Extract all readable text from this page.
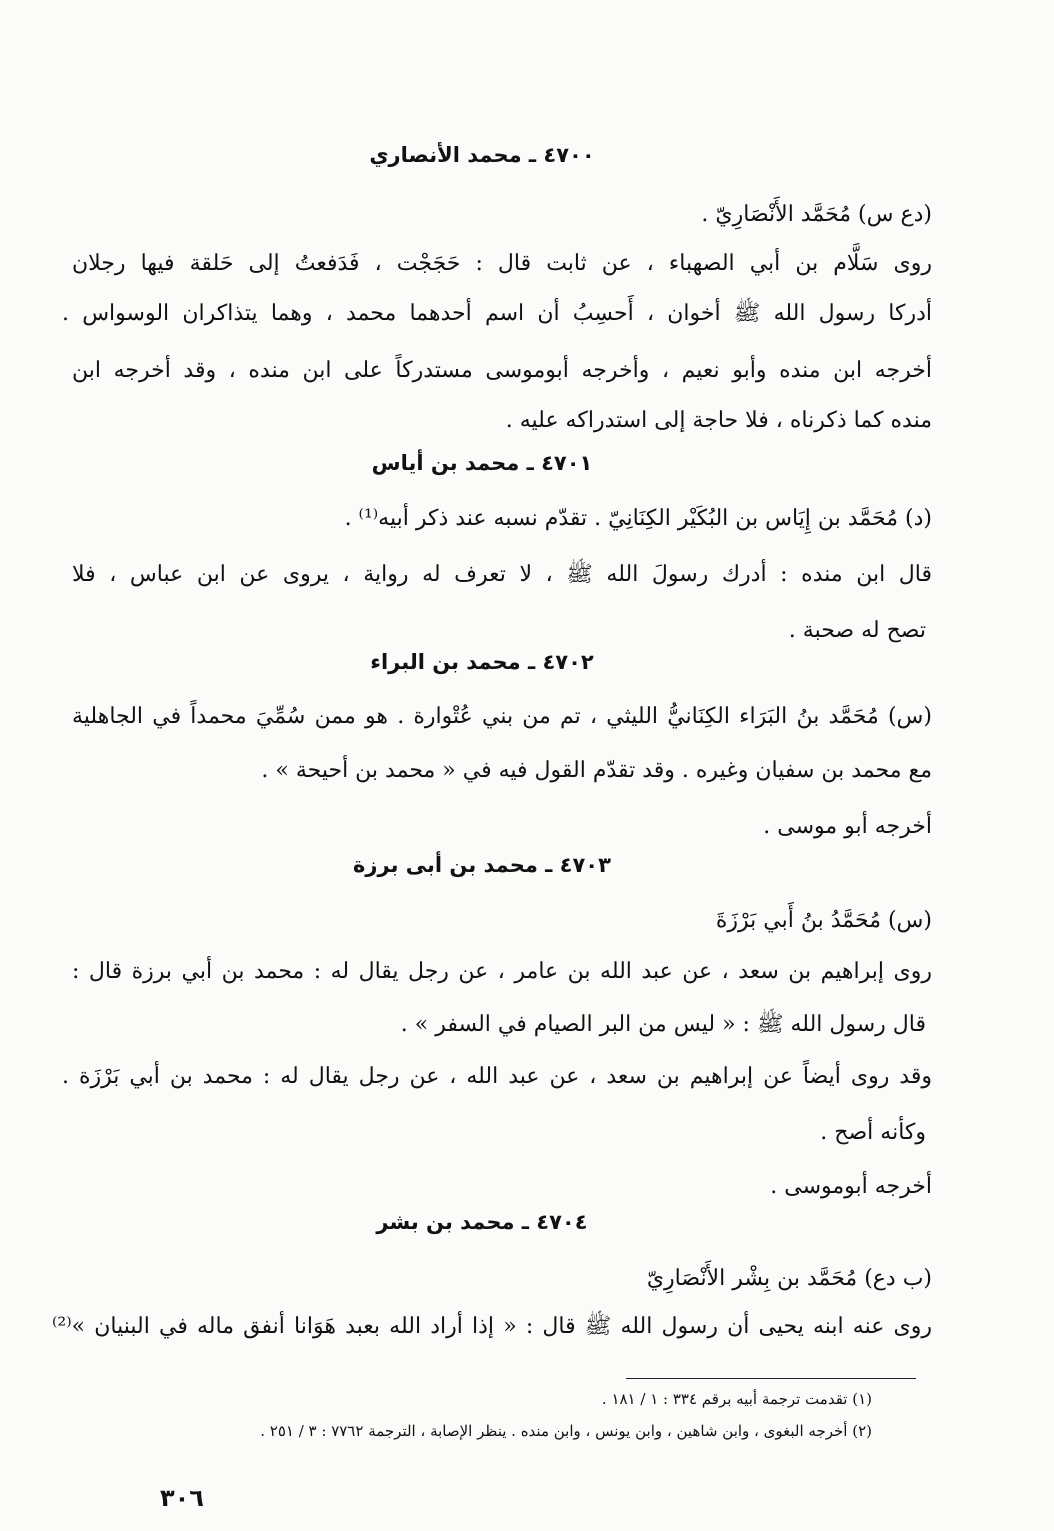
٤٧٠٠ ـ محمد الأنصاري
(دع س) مُحَمَّد الأَنْصَارِيّ .
روى سَلَّام بن أبي الصهباء ، عن ثابت قال : حَجَجْت ، فَدَفعتُ إلى حَلقة فيها رجلان
أدركا رسول الله ﷺ أخوان ، أَحسِبُ أن اسم أحدهما محمد ، وهما يتذاكران الوسواس .
أخرجه ابن منده وأبو نعيم ، وأخرجه أبوموسى مستدركاً على ابن منده ، وقد أخرجه ابن
منده كما ذكرناه ، فلا حاجة إلى استدراكه عليه .
٤٧٠١ ـ محمد بن أياس
(د) مُحَمَّد بن إِيَاس بن البُكَيْر الكِنَانِيّ . تقدّم نسبه عند ذكر أبيه⁽¹⁾ .
قال ابن منده : أدرك رسولَ الله ﷺ ، لا تعرف له رواية ، يروى عن ابن عباس ، فلا
تصح له صحبة .
٤٧٠٢ ـ محمد بن البراء
(س) مُحَمَّد بنُ البَرَاء الكِنَانيُّ الليثي ، تم من بني عُتْوارة . هو ممن سُمِّيَ محمداً في الجاهلية
مع محمد بن سفيان وغيره . وقد تقدّم القول فيه في « محمد بن أحيحة » .
أخرجه أبو موسى .
٤٧٠٣ ـ محمد بن أبى برزة
(س) مُحَمَّدُ بنُ أَبي بَرْزَةَ
روى إبراهيم بن سعد ، عن عبد الله بن عامر ، عن رجل يقال له : محمد بن أبي برزة قال :
قال رسول الله ﷺ : « ليس من البر الصيام في السفر » .
وقد روى أيضاً عن إبراهيم بن سعد ، عن عبد الله ، عن رجل يقال له : محمد بن أبي بَرْزَة .
وكأنه أصح .
أخرجه أبوموسى .
٤٧٠٤ ـ محمد بن بشر
(ب دع) مُحَمَّد بن بِشْر الأَنْصَارِيّ
روى عنه ابنه يحيى أن رسول الله ﷺ قال : « إذا أراد الله بعبد هَوَانا أنفق ماله في البنيان »⁽²⁾
(١) تقدمت ترجمة أبيه برقم ٣٣٤ : ١ / ١٨١ .
(٢) أخرجه البغوى ، وابن شاهين ، وابن يونس ، وابن منده . ينظر الإصابة ، الترجمة ٧٧٦٢ : ٣ / ٢٥١ .
٣٠٦
